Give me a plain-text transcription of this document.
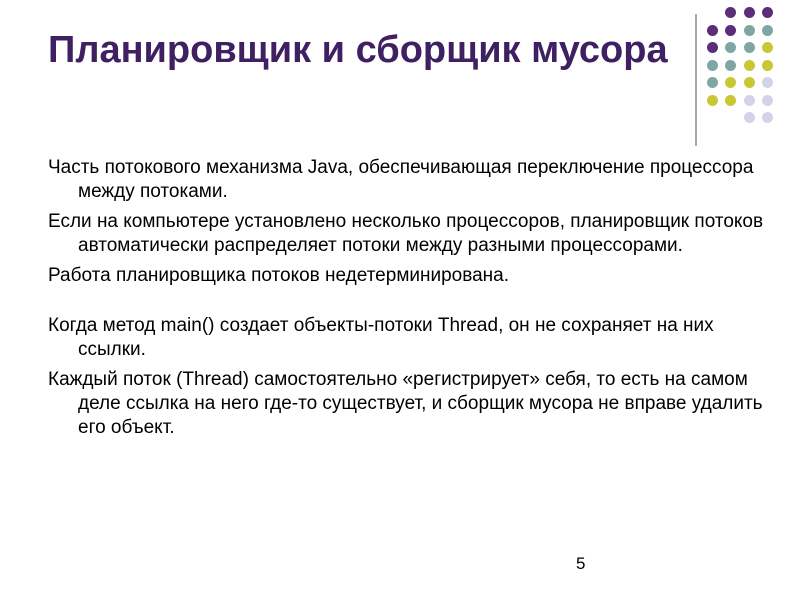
Планировщик и сборщик мусора

Часть потокового механизма Java, обеспечивающая переключение процессора между потоками.

Если на компьютере установлено несколько процессоров, планировщик потоков автоматически распределяет потоки между разными процессорами.

Работа планировщика потоков недетерминирована.

Когда метод main() создает объекты-потоки Thread, он не сохраняет на них ссылки.

Каждый поток (Thread) самостоятельно «регистрирует» себя, то есть на самом деле ссылка на него где-то существует, и сборщик мусора не вправе удалить его объект.

5
